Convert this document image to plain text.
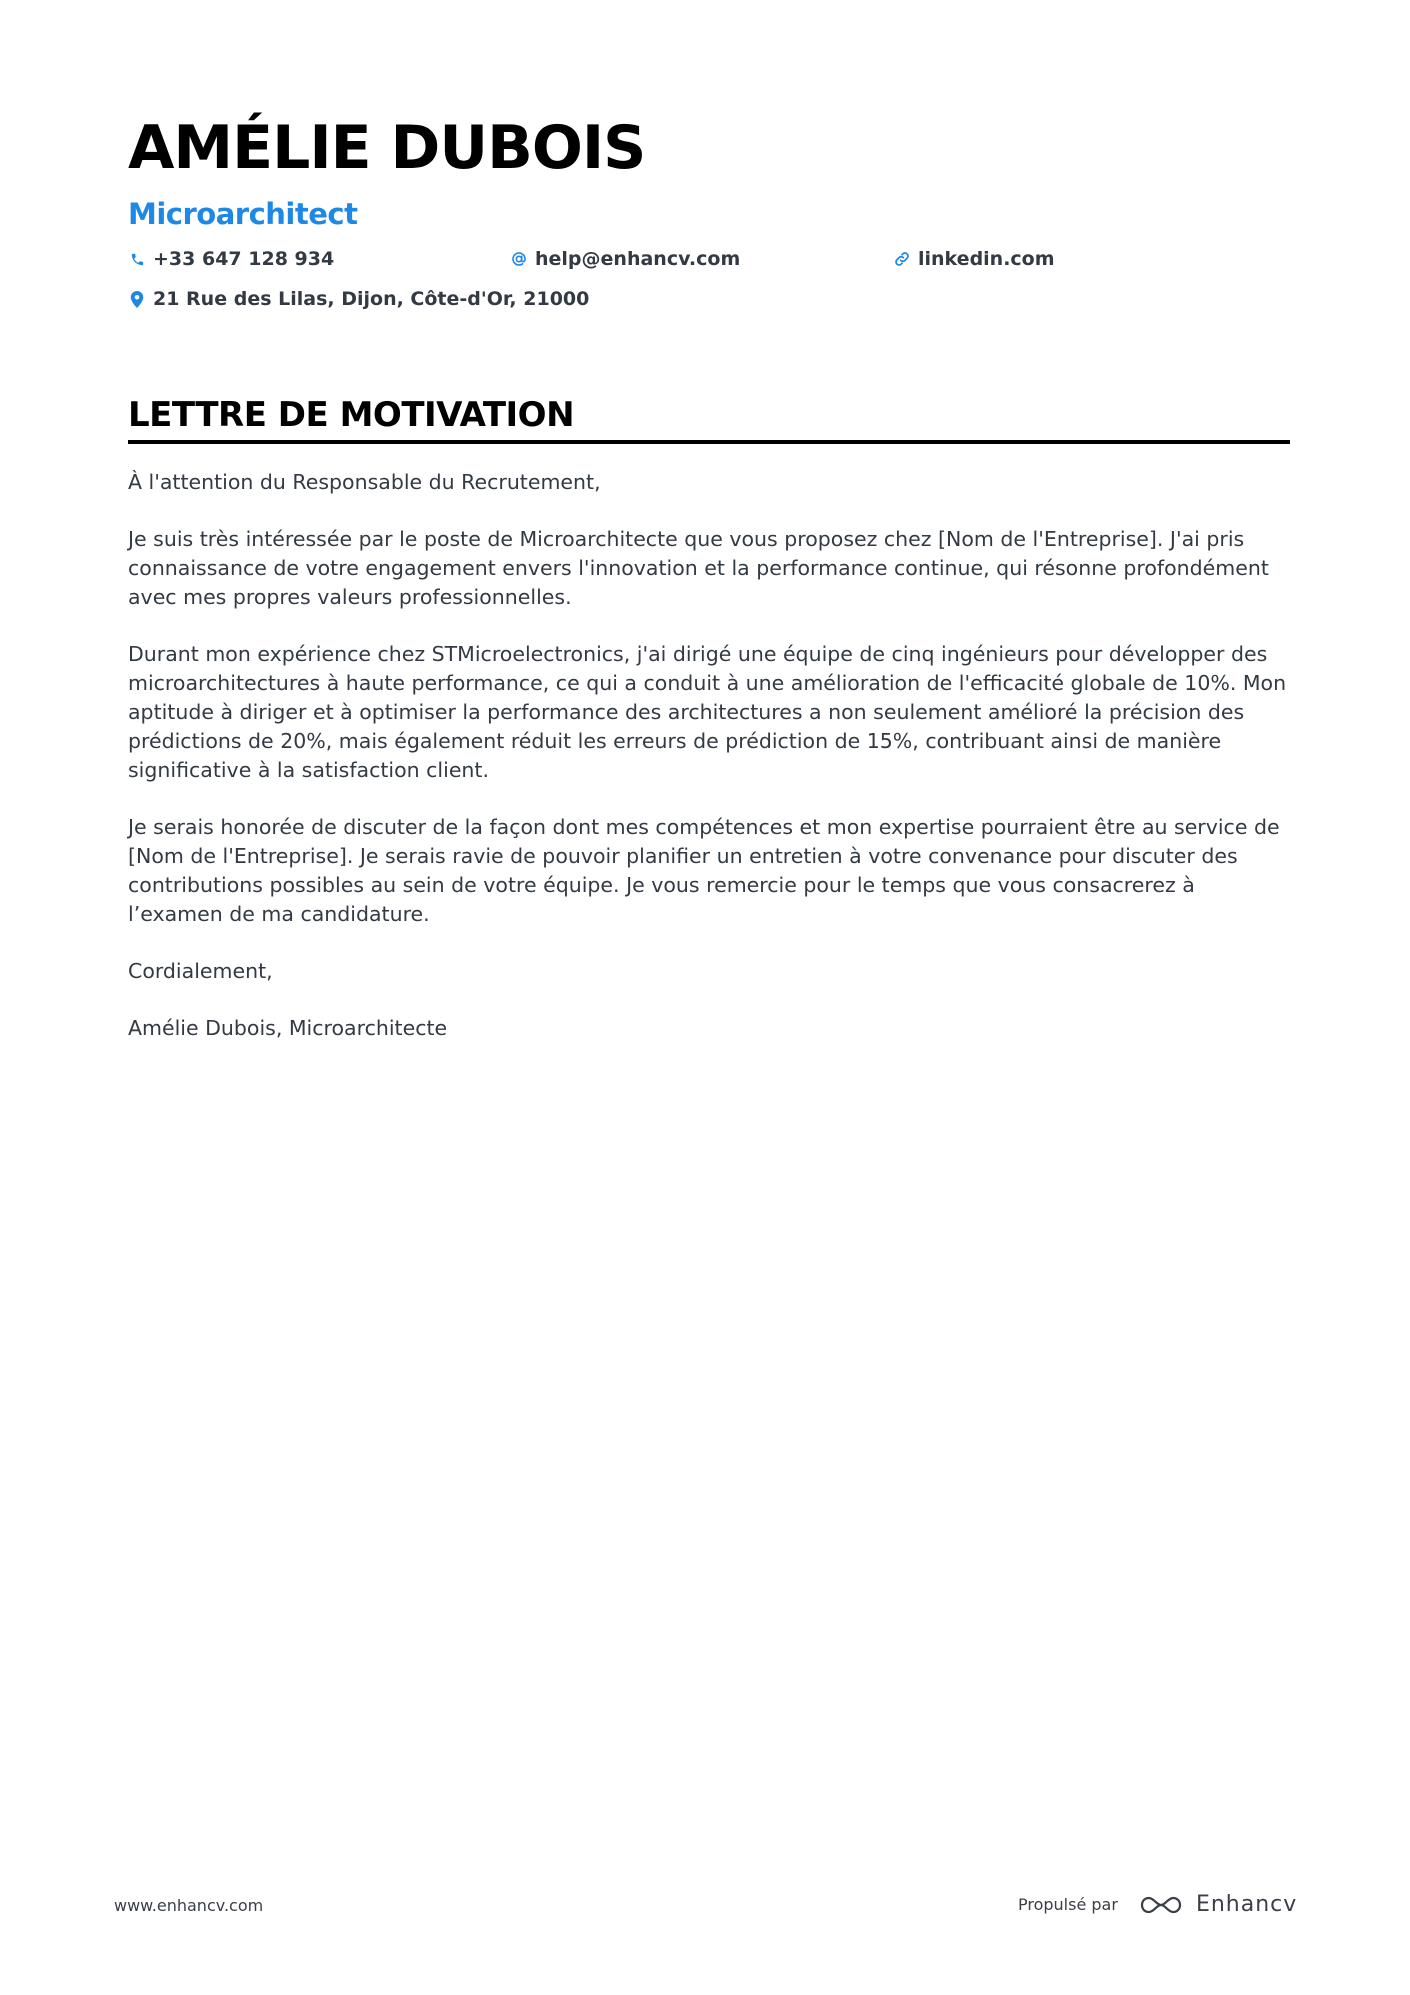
AMÉLIE DUBOIS
Microarchitect
+33 647 128 934	help@enhancv.com	linkedin.com
21 Rue des Lilas, Dijon, Côte-d'Or, 21000
LETTRE DE MOTIVATION

À l'attention du Responsable du Recrutement,

Je suis très intéressée par le poste de Microarchitecte que vous proposez chez [Nom de l'Entreprise]. J'ai pris connaissance de votre engagement envers l'innovation et la performance continue, qui résonne profondément avec mes propres valeurs professionnelles.

Durant mon expérience chez STMicroelectronics, j'ai dirigé une équipe de cinq ingénieurs pour développer des microarchitectures à haute performance, ce qui a conduit à une amélioration de l'efficacité globale de 10%. Mon aptitude à diriger et à optimiser la performance des architectures a non seulement amélioré la précision des prédictions de 20%, mais également réduit les erreurs de prédiction de 15%, contribuant ainsi de manière significative à la satisfaction client.

Je serais honorée de discuter de la façon dont mes compétences et mon expertise pourraient être au service de [Nom de l'Entreprise]. Je serais ravie de pouvoir planifier un entretien à votre convenance pour discuter des contributions possibles au sein de votre équipe. Je vous remercie pour le temps que vous consacrerez à l’examen de ma candidature.

Cordialement,

Amélie Dubois, Microarchitecte

www.enhancv.com	Propulsé par	Enhancv
